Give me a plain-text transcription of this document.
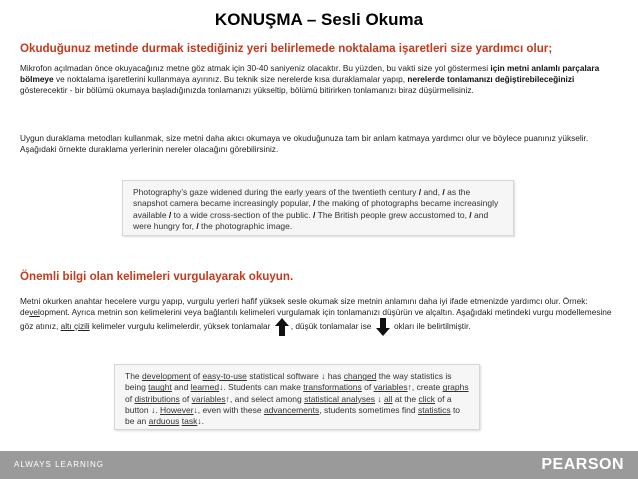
KONUŞMA – Sesli Okuma
Okuduğunuz metinde durmak istediğiniz yeri belirlemede noktalama işaretleri size yardımcı olur;
Mikrofon açılmadan önce okuyacağınız metne göz atmak için 30-40 saniyeniz olacaktır. Bu yüzden, bu vakti size yol göstermesi için metni anlamlı parçalara bölmeye ve noktalama işaretlerini kullanmaya ayırınız. Bu teknik size nerelerde kısa duraklamalar yapıp, nerelerde tonlamanızı değiştirebileceğinizi gösterecektir - bir bölümü okumaya başladığınızda tonlamanızı yükseltip, bölümü bitirirken tonlamanızı biraz düşürmelisiniz.
Uygun duraklama metodları kullanmak, size metni daha akıcı okumaya ve okuduğunuza tam bir anlam katmaya yardımcı olur ve böylece puanınız yükselir. Aşağıdaki örnekte duraklama yerlerinin nereler olacağını görebilirsiniz.
Photography’s gaze widened during the early years of the twentieth century / and, / as the snapshot camera became increasingly popular, / the making of photographs became increasingly available / to a wide cross-section of the public. / The British people grew accustomed to, / and were hungry for, / the photographic image.
Önemli bilgi olan kelimeleri vurgulayarak okuyun.
Metni okurken anahtar hecelere vurgu yapıp, vurgulu yerleri hafif yüksek sesle okumak size metnin anlamını daha iyi ifade etmenizde yardımcı olur. Örnek: development. Ayrıca metnin son kelimelerini veya bağlantılı kelimeleri vurgulamak için tonlamanızı düşürün ve alçaltın. Aşağıdaki metindeki vurgu modellemesine göz atınız, altı çizili kelimeler vurgulu kelimelerdir, yüksek tonlamalar , düşük tonlamalar ise  okları ile belirtilmiştir.
The development of easy-to-use statistical software ↓ has changed the way statistics is being taught and learned↓. Students can make transformations of variables↑, create graphs of distributions of variables↑, and select among statistical analyses ↓ all at the click of a button ↓. However↓, even with these advancements, students sometimes find statistics to be an arduous task↓.
ALWAYS LEARNING	PEARSON
